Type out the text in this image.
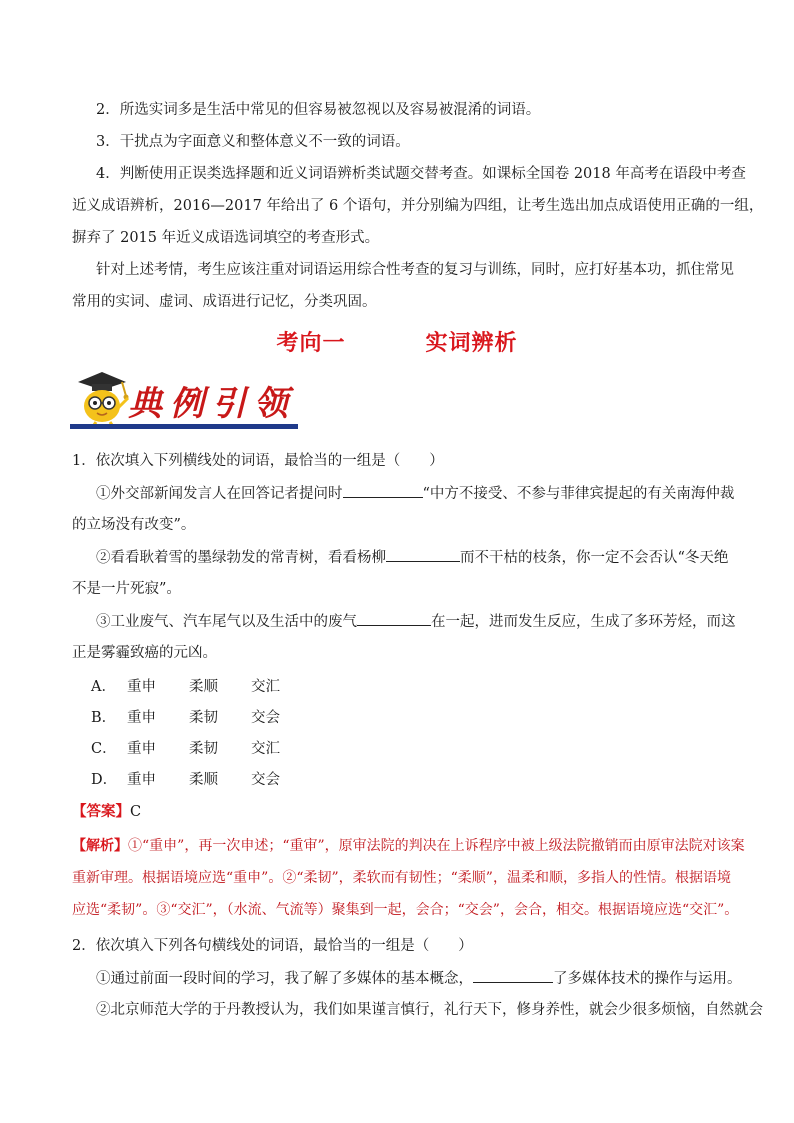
2．所选实词多是生活中常见的但容易被忽视以及容易被混淆的词语。
3．干扰点为字面意义和整体意义不一致的词语。
4．判断使用正误类选择题和近义词语辨析类试题交替考查。如课标全国卷 2018 年高考在语段中考查
近义成语辨析，2016—2017 年给出了 6 个语句，并分别编为四组，让考生选出加点成语使用正确的一组，
摒弃了 2015 年近义成语选词填空的考查形式。
针对上述考情，考生应该注重对词语运用综合性考查的复习与训练，同时，应打好基本功，抓住常见
常用的实词、虚词、成语进行记忆，分类巩固。
考向一	实词辨析
典例引领
1．依次填入下列横线处的词语，最恰当的一组是（　　）
①外交部新闻发言人在回答记者提问时	“中方不接受、不参与菲律宾提起的有关南海仲裁
的立场没有改变”。
②看看耿着雪的墨绿勃发的常青树，看看杨柳	而不干枯的枝条，你一定不会否认“冬天绝
不是一片死寂”。
③工业废气、汽车尾气以及生活中的废气	在一起，进而发生反应，生成了多环芳烃，而这
正是雾霾致癌的元凶。
A． 重申 柔顺 交汇
B． 重申 柔韧 交会
C． 重申 柔韧 交汇
D． 重申 柔顺 交会
【答案】C
【解析】①“重申”，再一次申述；“重审”，原审法院的判决在上诉程序中被上级法院撤销而由原审法院对该案
重新审理。根据语境应选“重申”。②“柔韧”，柔软而有韧性；“柔顺”，温柔和顺，多指人的性情。根据语境
应选“柔韧”。③“交汇”，（水流、气流等）聚集到一起，会合；“交会”，会合，相交。根据语境应选“交汇”。
2．依次填入下列各句横线处的词语，最恰当的一组是（　　）
①通过前面一段时间的学习，我了解了多媒体的基本概念，	了多媒体技术的操作与运用。
②北京师范大学的于丹教授认为，我们如果谨言慎行，礼行天下，修身养性，就会少很多烦恼，自然就会
